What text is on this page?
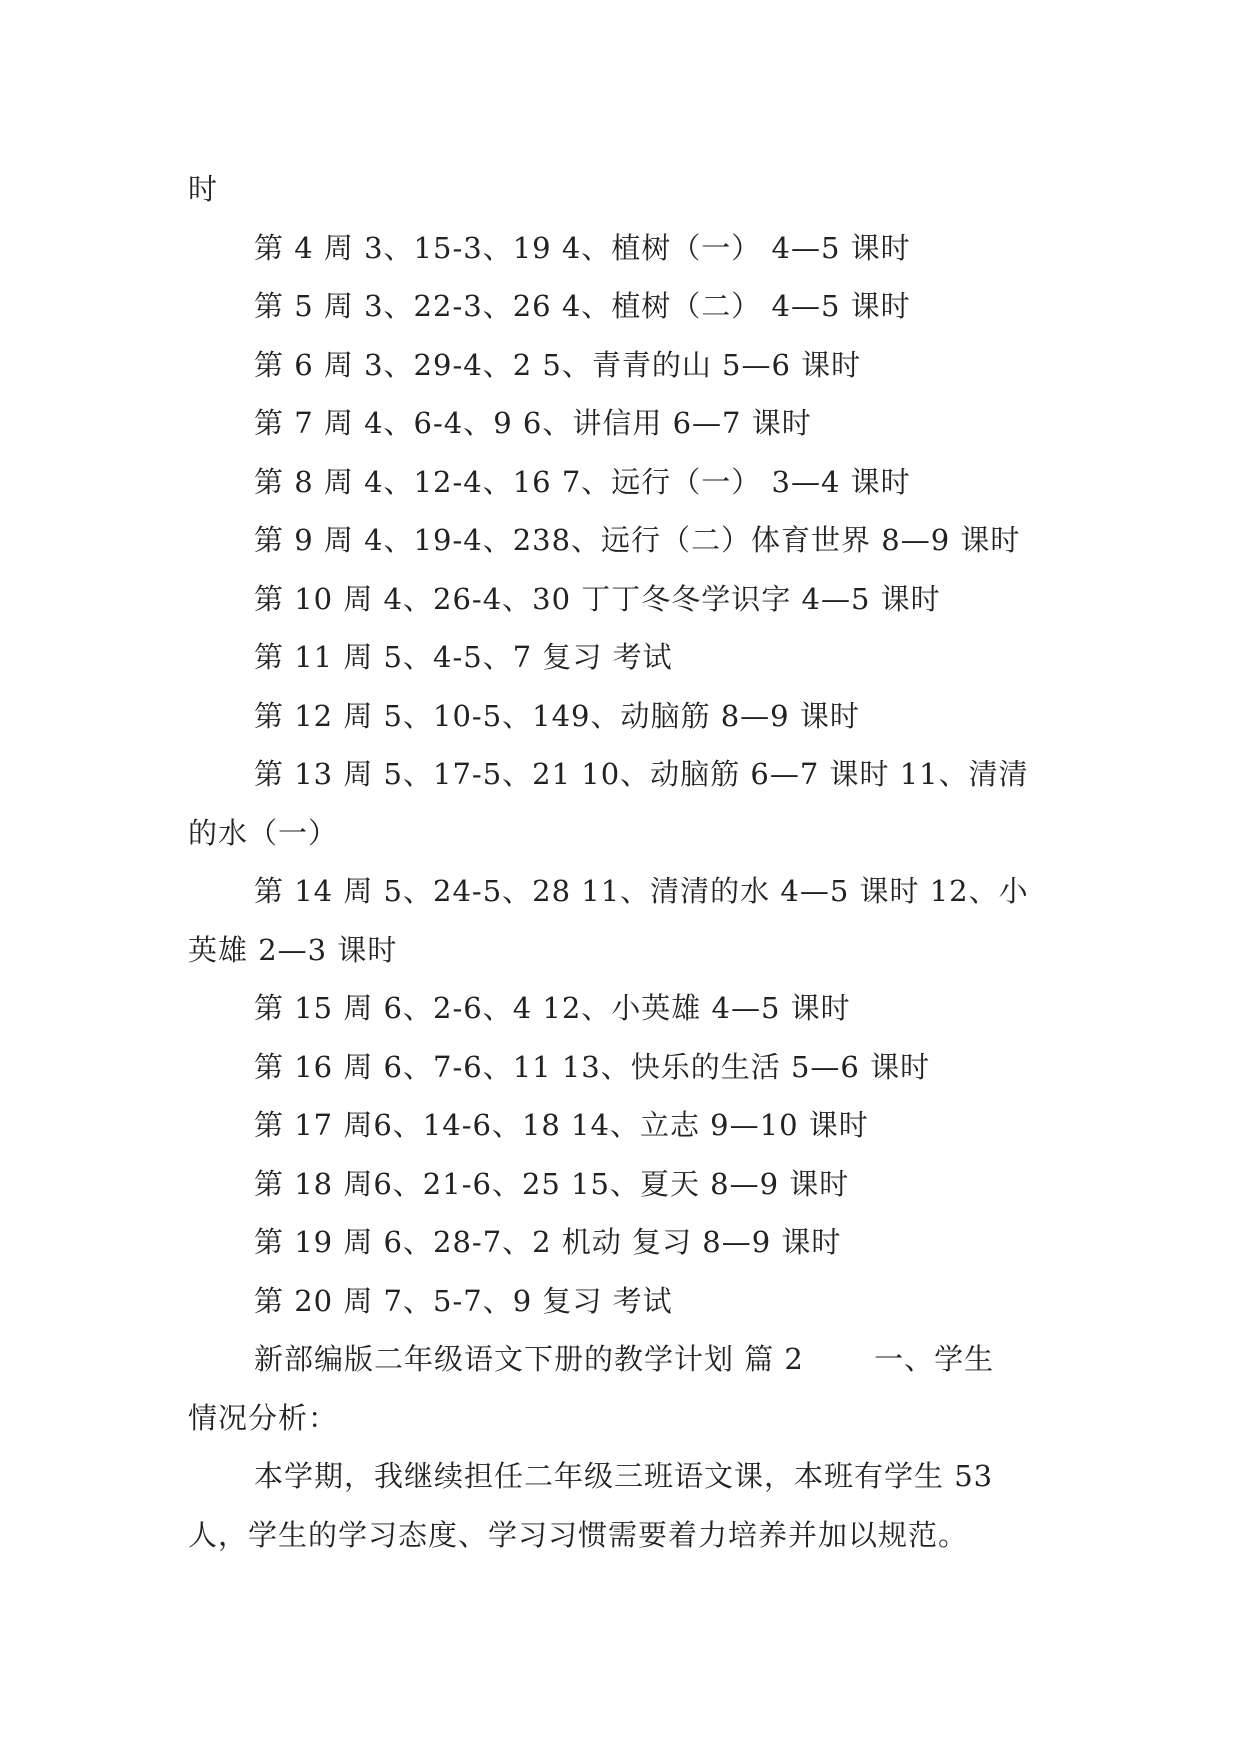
时
第 4 周 3、15-3、19 4、植树（一） 4—5 课时
第 5 周 3、22-3、26 4、植树（二） 4—5 课时
第 6 周 3、29-4、2 5、青青的山 5—6 课时
第 7 周 4、6-4、9 6、讲信用 6—7 课时
第 8 周 4、12-4、16 7、远行（一） 3—4 课时
第 9 周 4、19-4、238、远行（二）体育世界 8—9 课时
第 10 周 4、26-4、30 丁丁冬冬学识字 4—5 课时
第 11 周 5、4-5、7 复习 考试
第 12 周 5、10-5、149、动脑筋 8—9 课时
第 13 周 5、17-5、21 10、动脑筋 6—7 课时 11、清清
的水（一）
第 14 周 5、24-5、28 11、清清的水 4—5 课时 12、小
英雄 2—3 课时
第 15 周 6、2-6、4 12、小英雄 4—5 课时
第 16 周 6、7-6、11 13、快乐的生活 5—6 课时
第 17 周6、14-6、18 14、立志 9—10 课时
第 18 周6、21-6、25 15、夏天 8—9 课时
第 19 周 6、28-7、2 机动 复习 8—9 课时
第 20 周 7、5-7、9 复习 考试
新部编版二年级语文下册的教学计划 篇 2　　 一、学生
情况分析：
本学期，我继续担任二年级三班语文课，本班有学生 53
人，学生的学习态度、学习习惯需要着力培养并加以规范。
